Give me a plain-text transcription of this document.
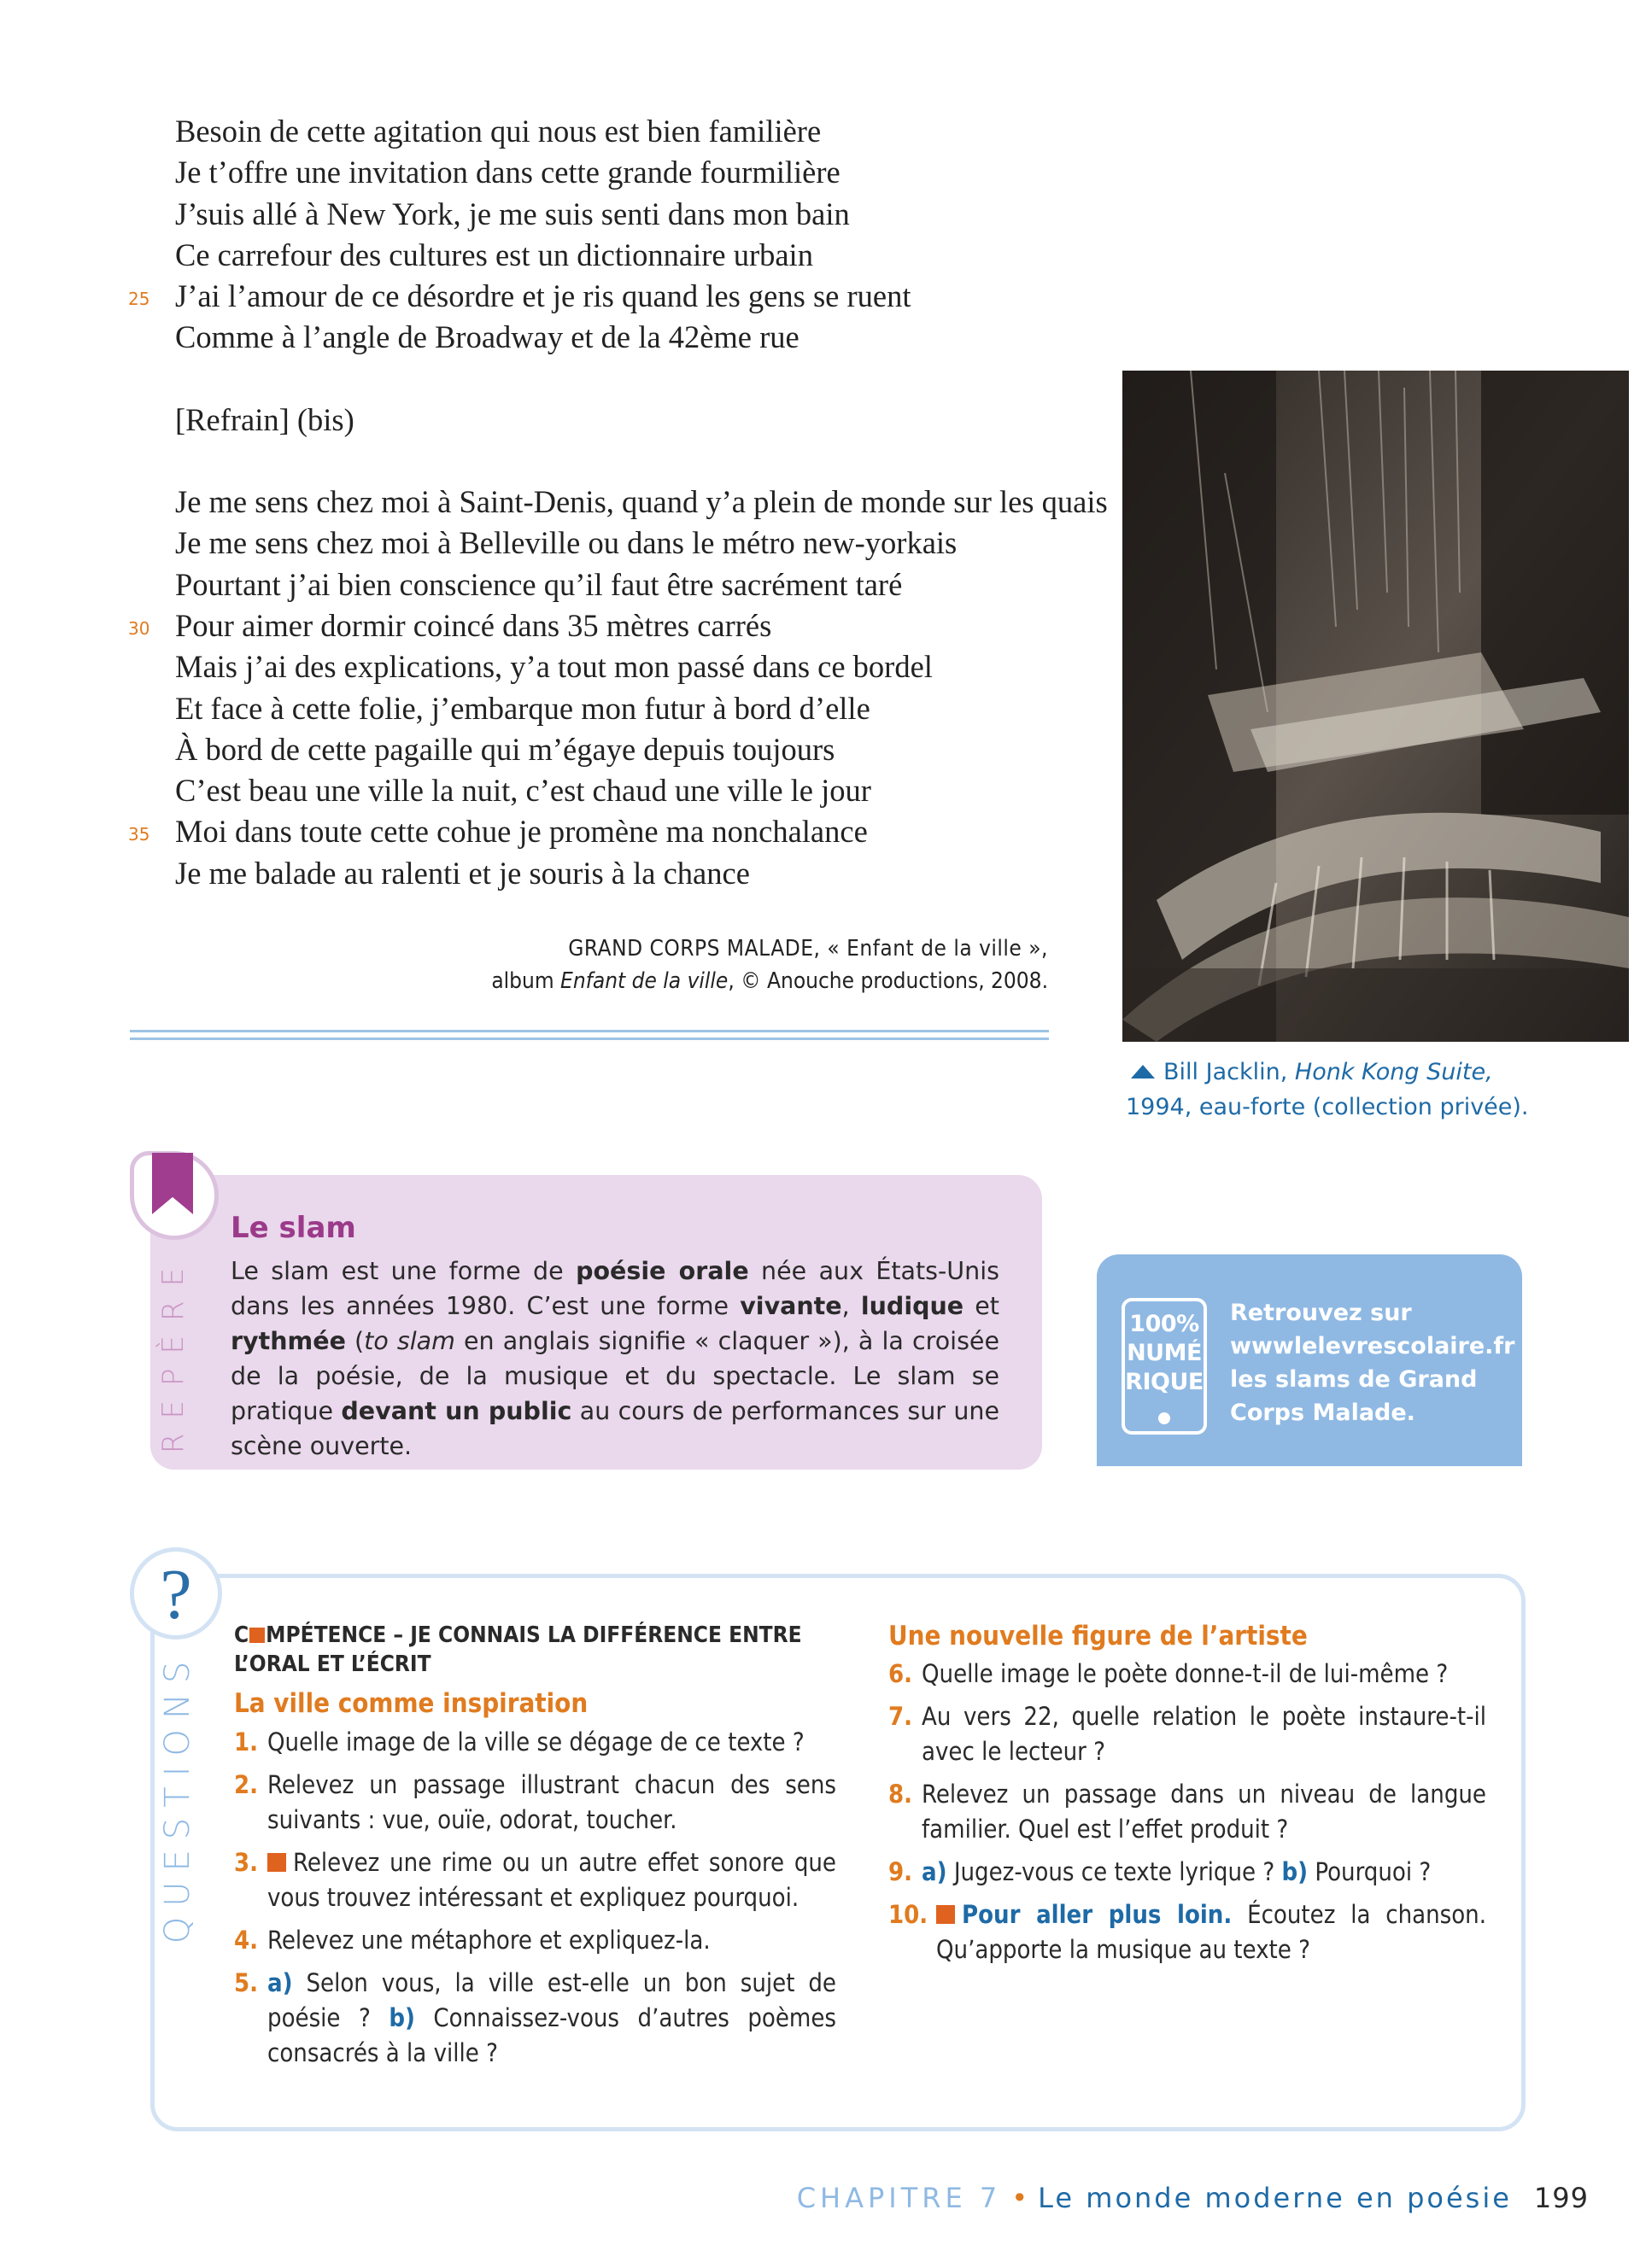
Besoin de cette agitation qui nous est bien familière
Je t’offre une invitation dans cette grande fourmilière
J’suis allé à New York, je me suis senti dans mon bain
Ce carrefour des cultures est un dictionnaire urbain
25 J’ai l’amour de ce désordre et je ris quand les gens se ruent
Comme à l’angle de Broadway et de la 42ème rue
[Refrain] (bis)
Je me sens chez moi à Saint-Denis, quand y’a plein de monde sur les quais
Je me sens chez moi à Belleville ou dans le métro new-yorkais
Pourtant j’ai bien conscience qu’il faut être sacrément taré
30 Pour aimer dormir coincé dans 35 mètres carrés
Mais j’ai des explications, y’a tout mon passé dans ce bordel
Et face à cette folie, j’embarque mon futur à bord d’elle
À bord de cette pagaille qui m’égaye depuis toujours
C’est beau une ville la nuit, c’est chaud une ville le jour
35 Moi dans toute cette cohue je promène ma nonchalance
Je me balade au ralenti et je souris à la chance
GRAND CORPS MALADE, « Enfant de la ville »,
album Enfant de la ville, © Anouche productions, 2008.
Bill Jacklin, Honk Kong Suite,
1994, eau-forte (collection privée).
REPÈRE
Le slam
Le slam est une forme de poésie orale née aux États-Unis dans les années 1980. C’est une forme vivante, ludique et rythmée (to slam en anglais signifie « claquer »), à la croisée de la poésie, de la musique et du spectacle. Le slam se pratique devant un public au cours de performances sur une scène ouverte.
100%
NUMÉ
RIQUE
Retrouvez sur wwwlelevrescolaire.fr les slams de Grand Corps Malade.
?
QUESTIONS
C MPÉTENCE – JE CONNAIS LA DIFFÉRENCE ENTRE L’ORAL ET L’ÉCRIT
La ville comme inspiration
1. Quelle image de la ville se dégage de ce texte ?
2. Relevez un passage illustrant chacun des sens suivants : vue, ouïe, odorat, toucher.
3. Relevez une rime ou un autre effet sonore que vous trouvez intéressant et expliquez pourquoi.
4. Relevez une métaphore et expliquez-la.
5. a) Selon vous, la ville est-elle un bon sujet de poésie ? b) Connaissez-vous d’autres poèmes consacrés à la ville ?
Une nouvelle figure de l’artiste
6. Quelle image le poète donne-t-il de lui-même ?
7. Au vers 22, quelle relation le poète instaure-t-il avec le lecteur ?
8. Relevez un passage dans un niveau de langue familier. Quel est l’effet produit ?
9. a) Jugez-vous ce texte lyrique ? b) Pourquoi ?
10. Pour aller plus loin. Écoutez la chanson. Qu’apporte la musique au texte ?
CHAPITRE 7 • Le monde moderne en poésie 199
